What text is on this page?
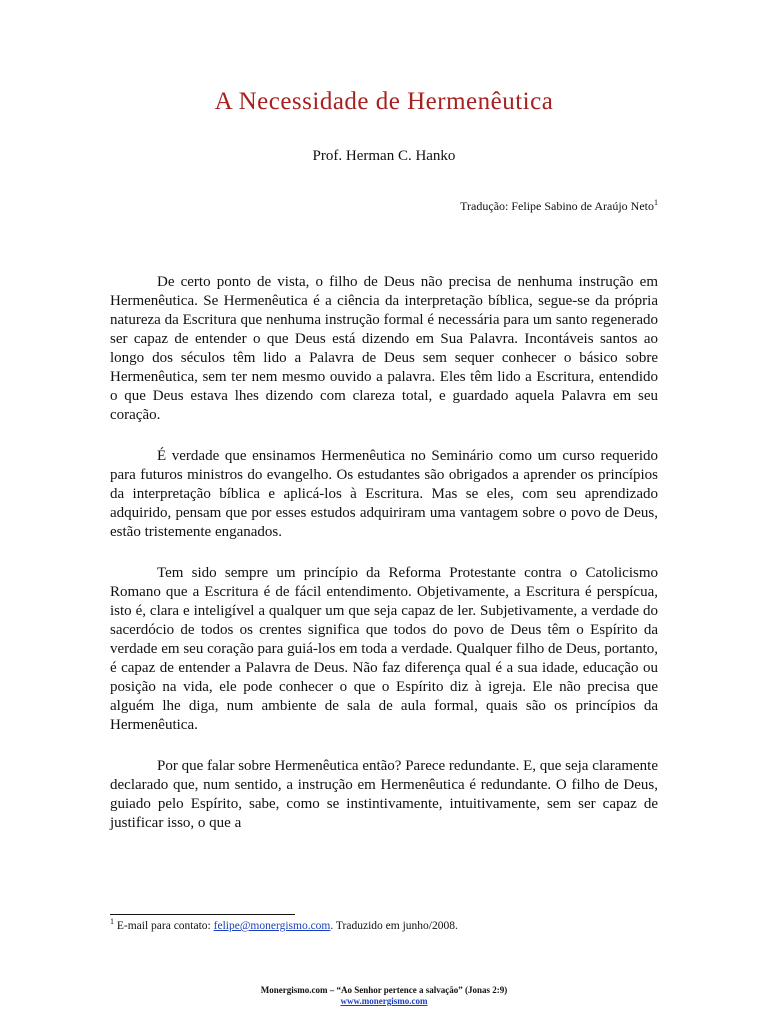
A Necessidade de Hermenêutica
Prof. Herman C. Hanko
Tradução: Felipe Sabino de Araújo Neto$^1$

De certo ponto de vista, o filho de Deus não precisa de nenhuma instrução em Hermenêutica. Se Hermenêutica é a ciência da interpretação bíblica, segue-se da própria natureza da Escritura que nenhuma instrução formal é necessária para um santo regenerado ser capaz de entender o que Deus está dizendo em Sua Palavra. Incontáveis santos ao longo dos séculos têm lido a Palavra de Deus sem sequer conhecer o básico sobre Hermenêutica, sem ter nem mesmo ouvido a palavra. Eles têm lido a Escritura, entendido o que Deus estava lhes dizendo com clareza total, e guardado aquela Palavra em seu coração.

É verdade que ensinamos Hermenêutica no Seminário como um curso requerido para futuros ministros do evangelho. Os estudantes são obrigados a aprender os princípios da interpretação bíblica e aplicá-los à Escritura. Mas se eles, com seu aprendizado adquirido, pensam que por esses estudos adquiriram uma vantagem sobre o povo de Deus, estão tristemente enganados.

Tem sido sempre um princípio da Reforma Protestante contra o Catolicismo Romano que a Escritura é de fácil entendimento. Objetivamente, a Escritura é perspícua, isto é, clara e inteligível a qualquer um que seja capaz de ler. Subjetivamente, a verdade do sacerdócio de todos os crentes significa que todos do povo de Deus têm o Espírito da verdade em seu coração para guiá-los em toda a verdade. Qualquer filho de Deus, portanto, é capaz de entender a Palavra de Deus. Não faz diferença qual é a sua idade, educação ou posição na vida, ele pode conhecer o que o Espírito diz à igreja. Ele não precisa que alguém lhe diga, num ambiente de sala de aula formal, quais são os princípios da Hermenêutica.

Por que falar sobre Hermenêutica então? Parece redundante. E, que seja claramente declarado que, num sentido, a instrução em Hermenêutica é redundante. O filho de Deus, guiado pelo Espírito, sabe, como se instintivamente, intuitivamente, sem ser capaz de justificar isso, o que a

$^1$ E-mail para contato: felipe@monergismo.com. Traduzido em junho/2008.
Monergismo.com – “Ao Senhor pertence a salvação” (Jonas 2:9)
www.monergismo.com
